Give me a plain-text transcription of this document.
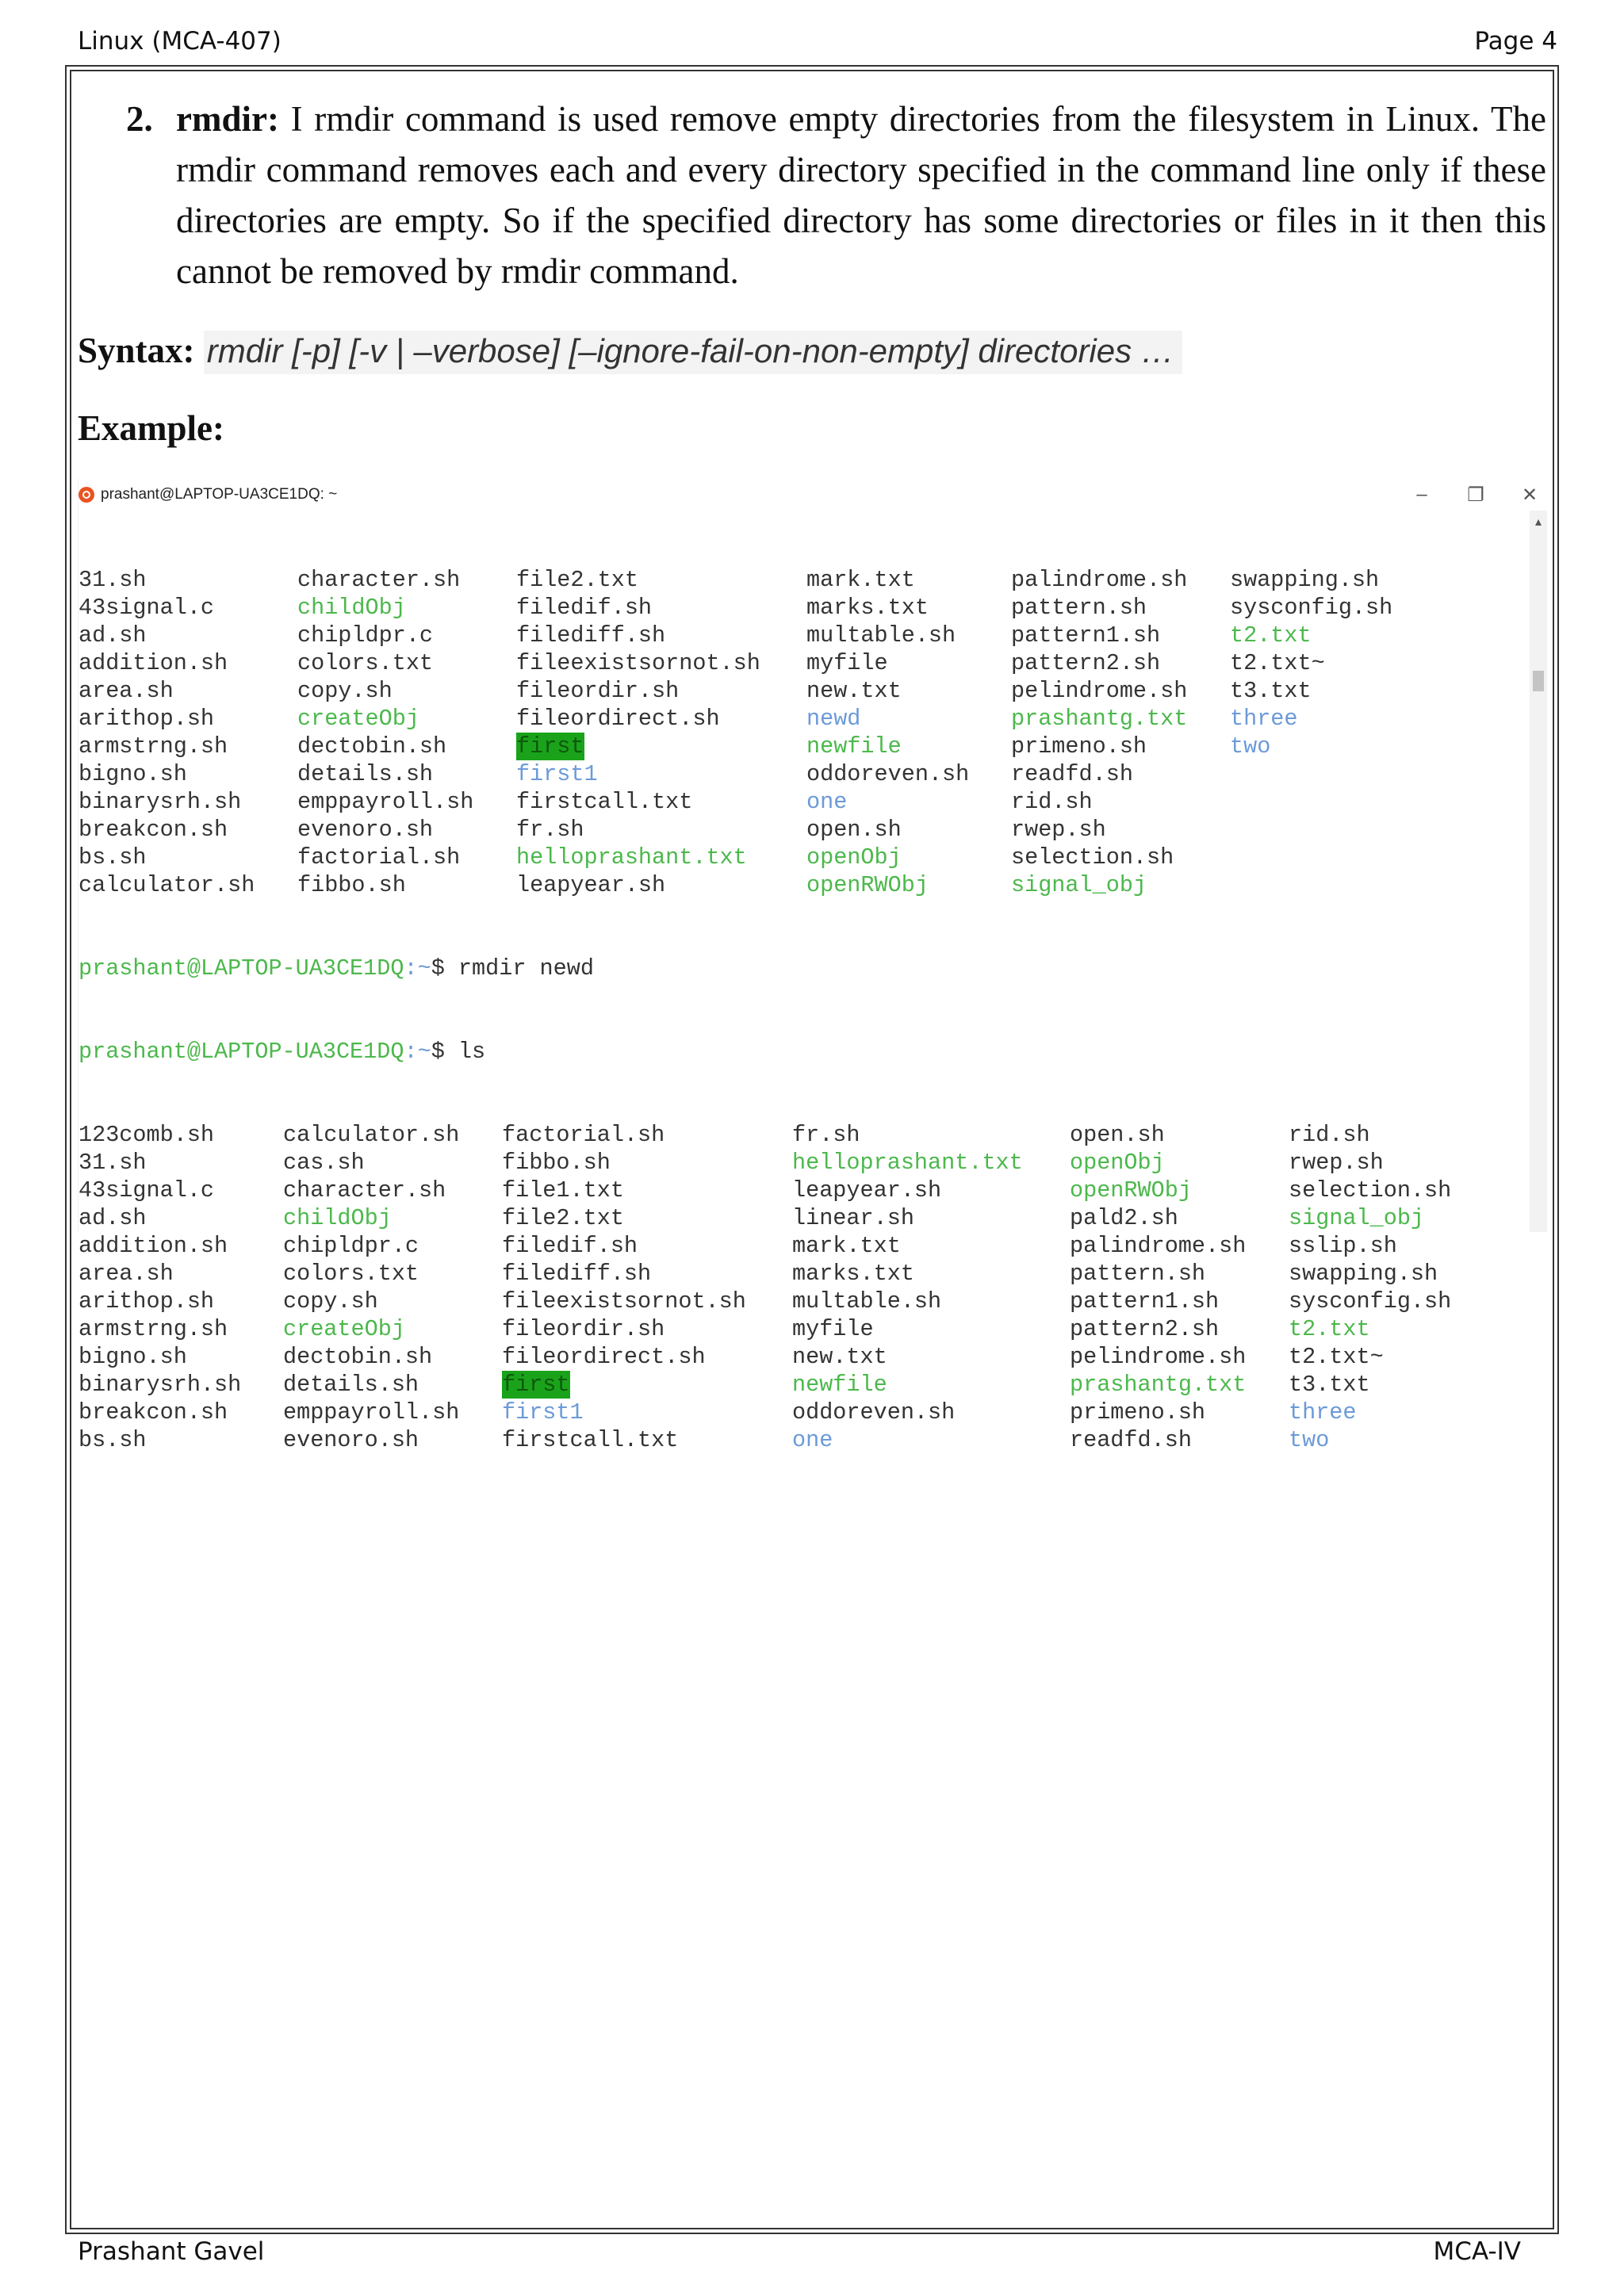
Linux (MCA-407)	Page 4
2. rmdir: I rmdir command is used remove empty directories from the filesystem in Linux. The rmdir command removes each and every directory specified in the command line only if these directories are empty. So if the specified directory has some directories or files in it then this cannot be removed by rmdir command.
Syntax: rmdir [-p] [-v | –verbose] [–ignore-fail-on-non-empty] directories …
Example:
prashant@LAPTOP-UA3CE1DQ: ~	– ❐ ✕

31.sh	character.sh file2.txt	mark.txt	palindrome.sh swapping.sh
43signal.c	childObj	filedif.sh	marks.txt	pattern.sh	sysconfig.sh
ad.sh	chipldpr.c	filediff.sh	multable.sh pattern1.sh	t2.txt
addition.sh	colors.txt	fileexistsornot.sh myfile	pattern2.sh	t2.txt~
area.sh	copy.sh	fileordir.sh	new.txt	pelindrome.sh t3.txt
arithop.sh	createObj	fileordirect.sh	newd	prashantg.txt three
armstrng.sh	dectobin.sh	first	newfile	primeno.sh	two
bigno.sh	details.sh	first1	oddoreven.sh readfd.sh
binarysrh.sh emppayroll.sh firstcall.txt	one	rid.sh
breakcon.sh	evenoro.sh	fr.sh	open.sh	rwep.sh
bs.sh	factorial.sh helloprashant.txt	openObj	selection.sh
calculator.sh fibbo.sh	leapyear.sh	openRWObj	signal_obj

prashant@LAPTOP-UA3CE1DQ:~$ rmdir newd

prashant@LAPTOP-UA3CE1DQ:~$ ls

123comb.sh	calculator.sh factorial.sh	fr.sh	open.sh	rid.sh
31.sh	cas.sh	fibbo.sh	helloprashant.txt openObj	rwep.sh
43signal.c	character.sh file1.txt	leapyear.sh	openRWObj	selection.sh
ad.sh	childObj	file2.txt	linear.sh	pald2.sh	signal_obj
addition.sh chipldpr.c	filedif.sh	mark.txt	palindrome.sh sslip.sh
area.sh	colors.txt	filediff.sh	marks.txt	pattern.sh	swapping.sh
arithop.sh	copy.sh	fileexistsornot.sh multable.sh	pattern1.sh	sysconfig.sh
armstrng.sh createObj	fileordir.sh	myfile	pattern2.sh	t2.txt
bigno.sh	dectobin.sh	fileordirect.sh	new.txt	pelindrome.sh t2.txt~
binarysrh.sh details.sh	first	newfile	prashantg.txt t3.txt
breakcon.sh emppayroll.sh first1	oddoreven.sh	primeno.sh	three
bs.sh	evenoro.sh	firstcall.txt	one	readfd.sh	two

▴
Prashant Gavel	MCA-IV
